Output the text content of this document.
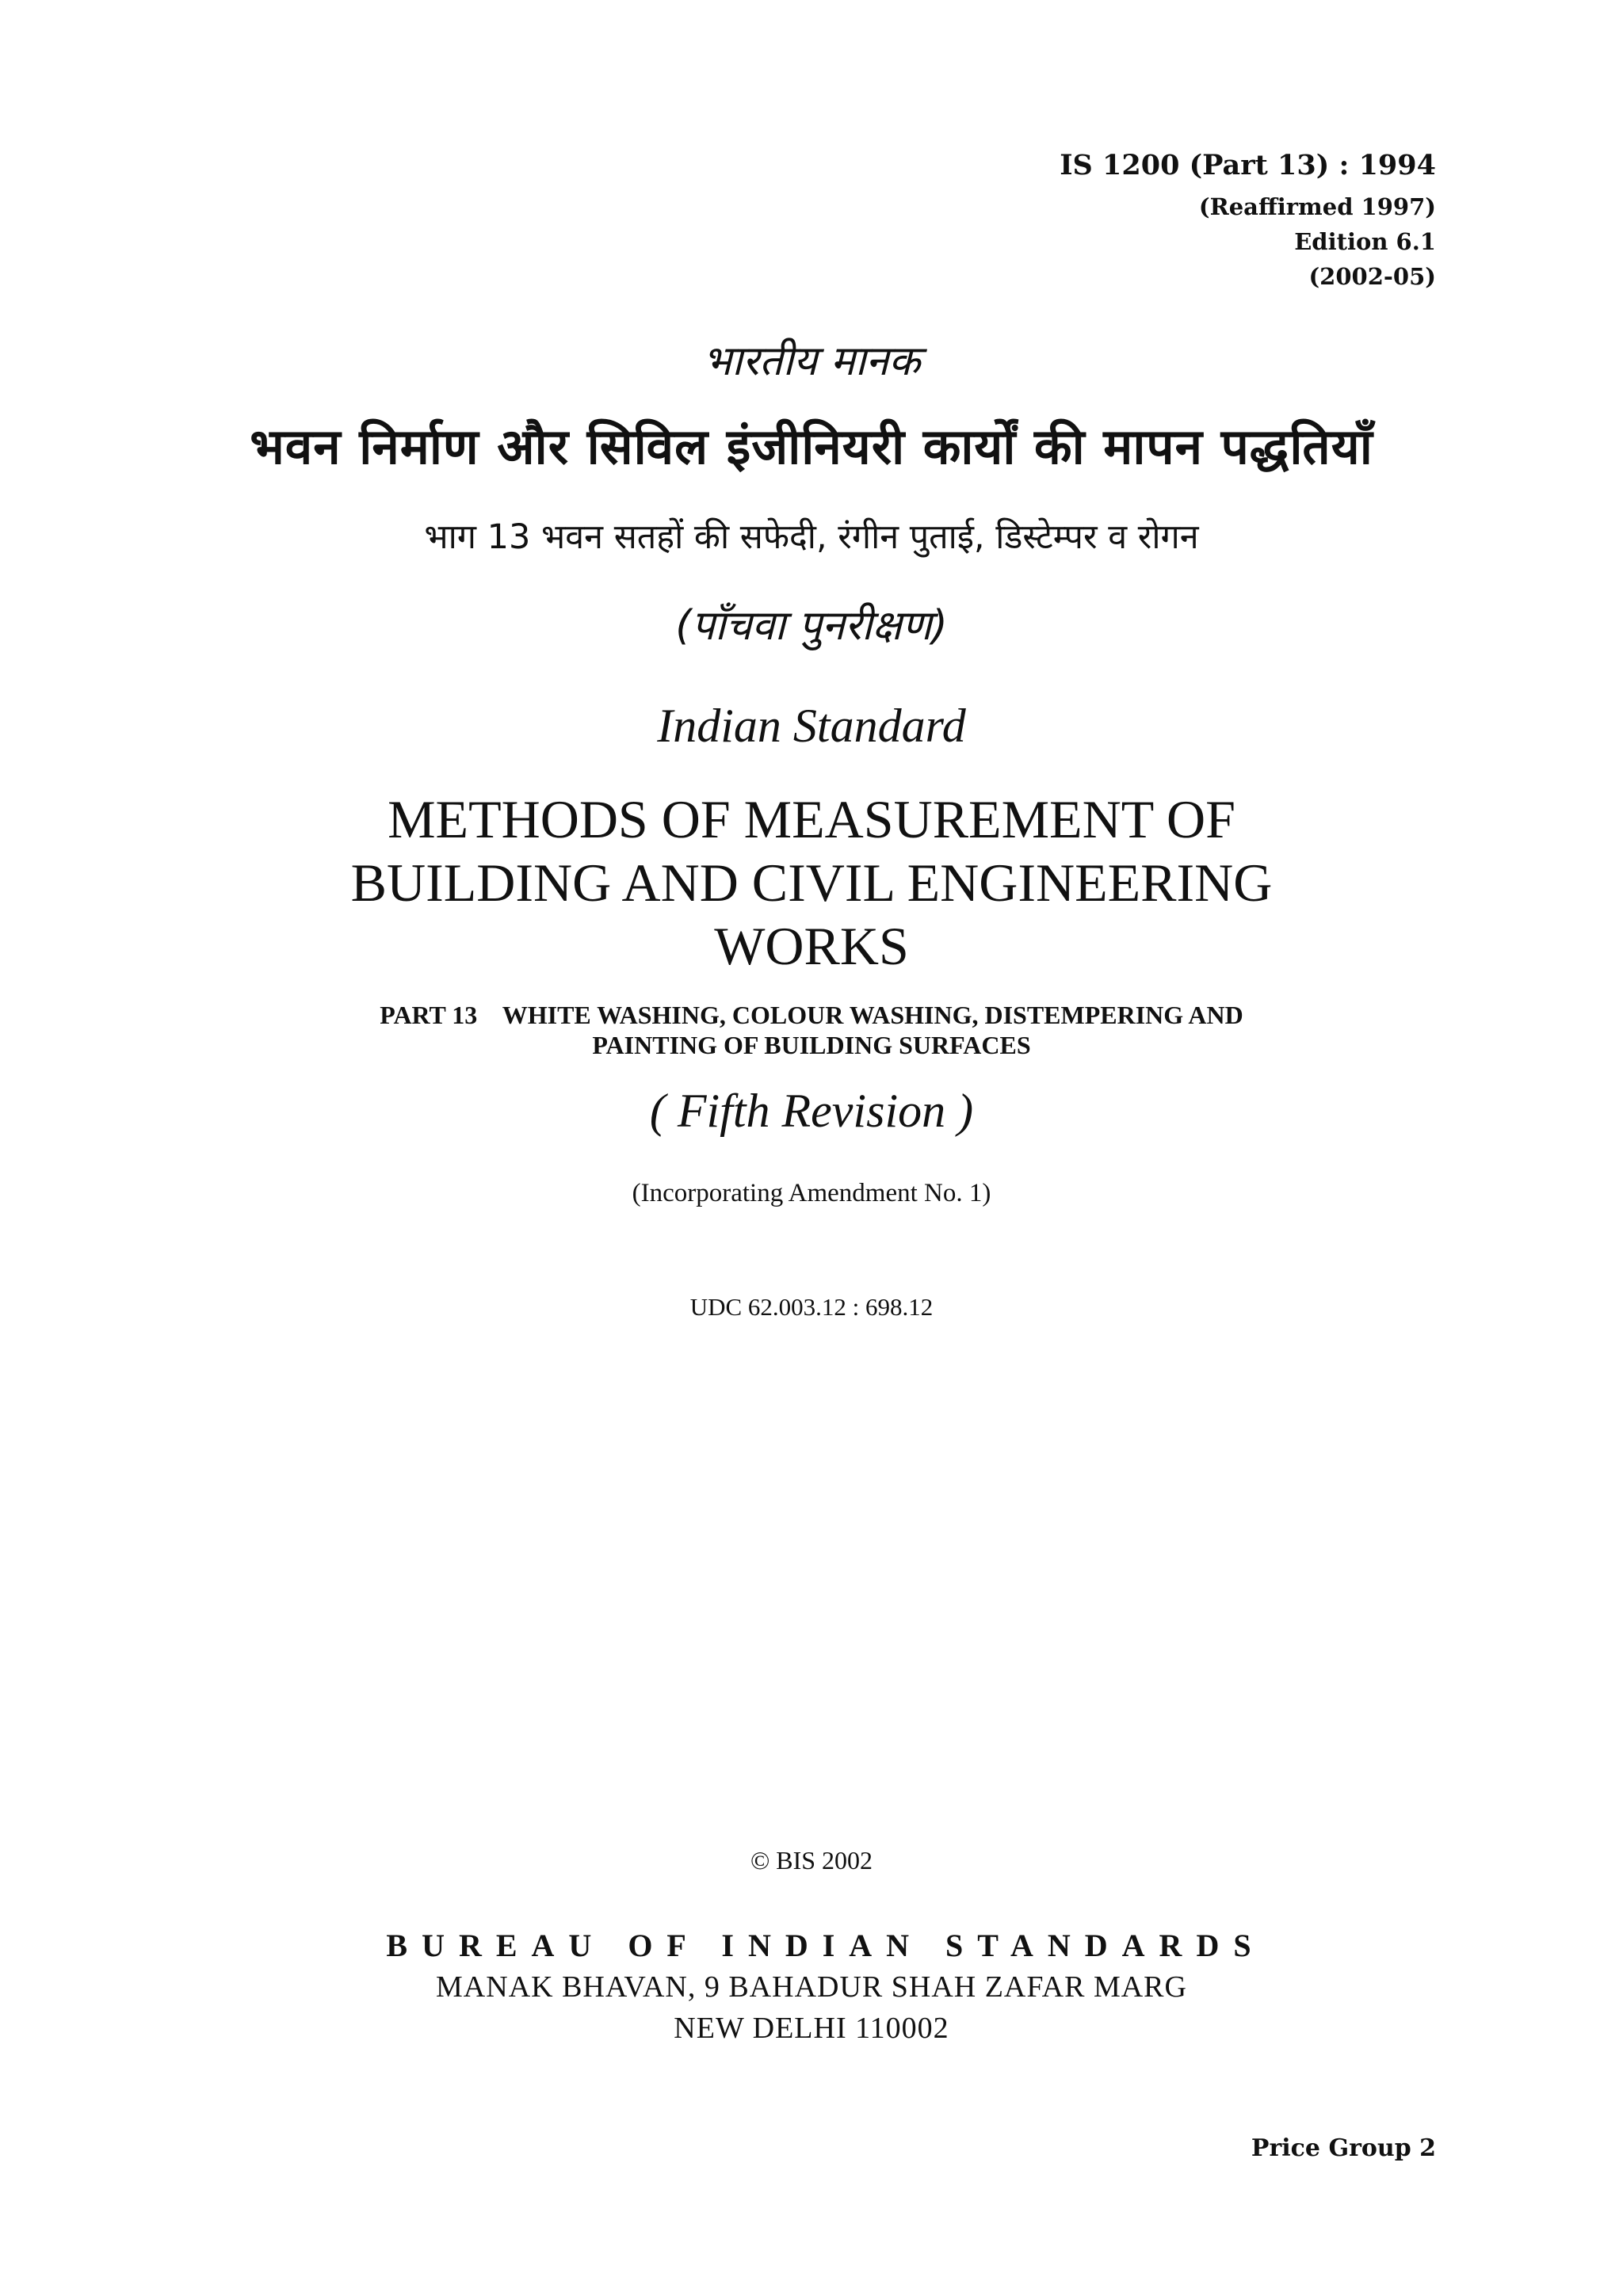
IS 1200 (Part 13) : 1994
(Reaffirmed 1997)
Edition 6.1
(2002-05)
भारतीय मानक
भवन निर्माण और सिविल इंजीनियरी कार्यों की मापन पद्धतियाँ
भाग 13 भवन सतहों की सफेदी, रंगीन पुताई, डिस्टेम्पर व रोगन
(पाँचवा पुनरीक्षण)
Indian Standard
METHODS OF MEASUREMENT OF
BUILDING AND CIVIL ENGINEERING
WORKS
PART 13    WHITE WASHING, COLOUR WASHING, DISTEMPERING AND
PAINTING OF BUILDING SURFACES
( Fifth Revision )
(Incorporating Amendment No. 1)
UDC 62.003.12 : 698.12
© BIS 2002
BUREAU OF INDIAN STANDARDS
MANAK BHAVAN, 9 BAHADUR SHAH ZAFAR MARG
NEW DELHI 110002
Price Group 2
